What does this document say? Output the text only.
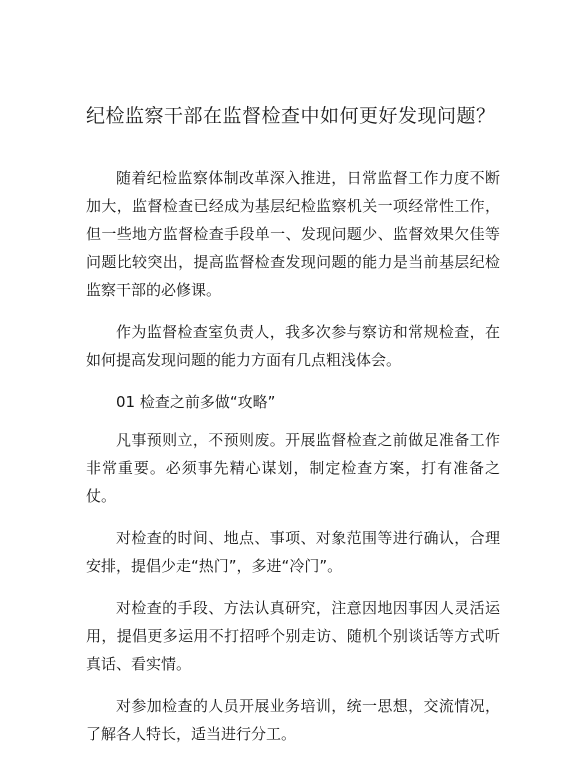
纪检监察干部在监督检查中如何更好发现问题？

随着纪检监察体制改革深入推进，日常监督工作力度不断加大，监督检查已经成为基层纪检监察机关一项经常性工作，但一些地方监督检查手段单一、发现问题少、监督效果欠佳等问题比较突出，提高监督检查发现问题的能力是当前基层纪检监察干部的必修课。

作为监督检查室负责人，我多次参与察访和常规检查，在如何提高发现问题的能力方面有几点粗浅体会。

01 检查之前多做“攻略”

凡事预则立，不预则废。开展监督检查之前做足准备工作非常重要。必须事先精心谋划，制定检查方案，打有准备之仗。

对检查的时间、地点、事项、对象范围等进行确认，合理安排，提倡少走“热门”，多进“冷门”。

对检查的手段、方法认真研究，注意因地因事因人灵活运用，提倡更多运用不打招呼个别走访、随机个别谈话等方式听真话、看实情。

对参加检查的人员开展业务培训，统一思想，交流情况，了解各人特长，适当进行分工。
